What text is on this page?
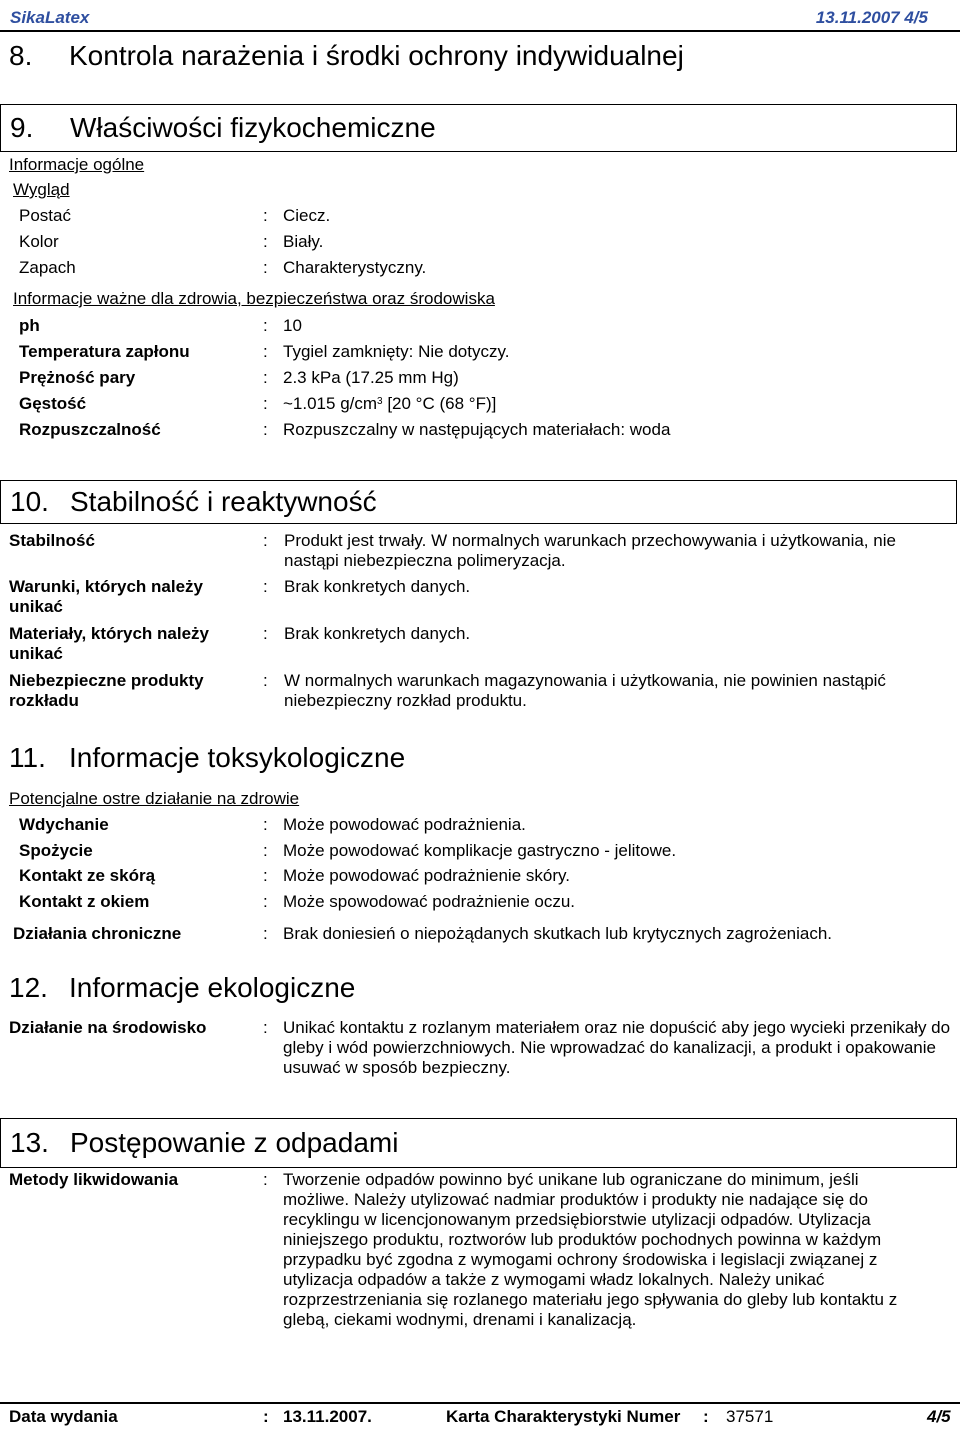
SikaLatex	13.11.2007 4/5
8. Kontrola narażenia i środki ochrony indywidualnej
9.	Właściwości fizykochemiczne
Informacje ogólne
Wygląd
Postać	: Ciecz.
Kolor	: Biały.
Zapach	: Charakterystyczny.
Informacje ważne dla zdrowia, bezpieczeństwa oraz środowiska
ph	: 10
Temperatura zapłonu	: Tygiel zamknięty: Nie dotyczy.
Prężność pary	: 2.3 kPa (17.25 mm Hg)
Gęstość	: ~1.015 $g/cm^3$ [20 °C (68 °F)]
Rozpuszczalność	: Rozpuszczalny w następujących materiałach: woda
10. Stabilność i reaktywność
Stabilność	: Produkt jest trwały. W normalnych warunkach przechowywania i użytkowania, nie nastąpi niebezpieczna polimeryzacja.
Warunki, których należy unikać
: Brak konkretych danych.
Materiały, których należy unikać
: Brak konkretych danych.
Niebezpieczne produkty rozkładu
: W normalnych warunkach magazynowania i użytkowania, nie powinien nastąpić niebezpieczny rozkład produktu.
11. Informacje toksykologiczne
Potencjalne ostre działanie na zdrowie
Wdychanie	: Może powodować podrażnienia.
Spożycie	: Może powodować komplikacje gastryczno - jelitowe.
Kontakt ze skórą	: Może powodować podrażnienie skóry.
Kontakt z okiem	: Może spowodować podrażnienie oczu.
Działania chroniczne	: Brak doniesień o niepożądanych skutkach lub krytycznych zagrożeniach.
12. Informacje ekologiczne
Działanie na środowisko	: Unikać kontaktu z rozlanym materiałem oraz nie dopuścić aby jego wycieki przenikały do gleby i wód powierzchniowych. Nie wprowadzać do kanalizacji, a produkt i opakowanie usuwać w sposób bezpieczny.
13. Postępowanie z odpadami
Metody likwidowania	: Tworzenie odpadów powinno być unikane lub ograniczane do minimum, jeśli możliwe. Należy utylizować nadmiar produktów i produkty nie nadające się do recyklingu w licencjonowanym przedsiębiorstwie utylizacji odpadów. Utylizacja niniejszego produktu, roztworów lub produktów pochodnych powinna w każdym przypadku być zgodna z wymogami ochrony środowiska i legislacji związanej z utylizacja odpadów a także z wymogami władz lokalnych. Należy unikać rozprzestrzeniania się rozlanego materiału jego spływania do gleby lub kontaktu z glebą, ciekami wodnymi, drenami i kanalizacją.
Data wydania	: 13.11.2007.	Karta Charakterystyki Numer : 37571	4/5
